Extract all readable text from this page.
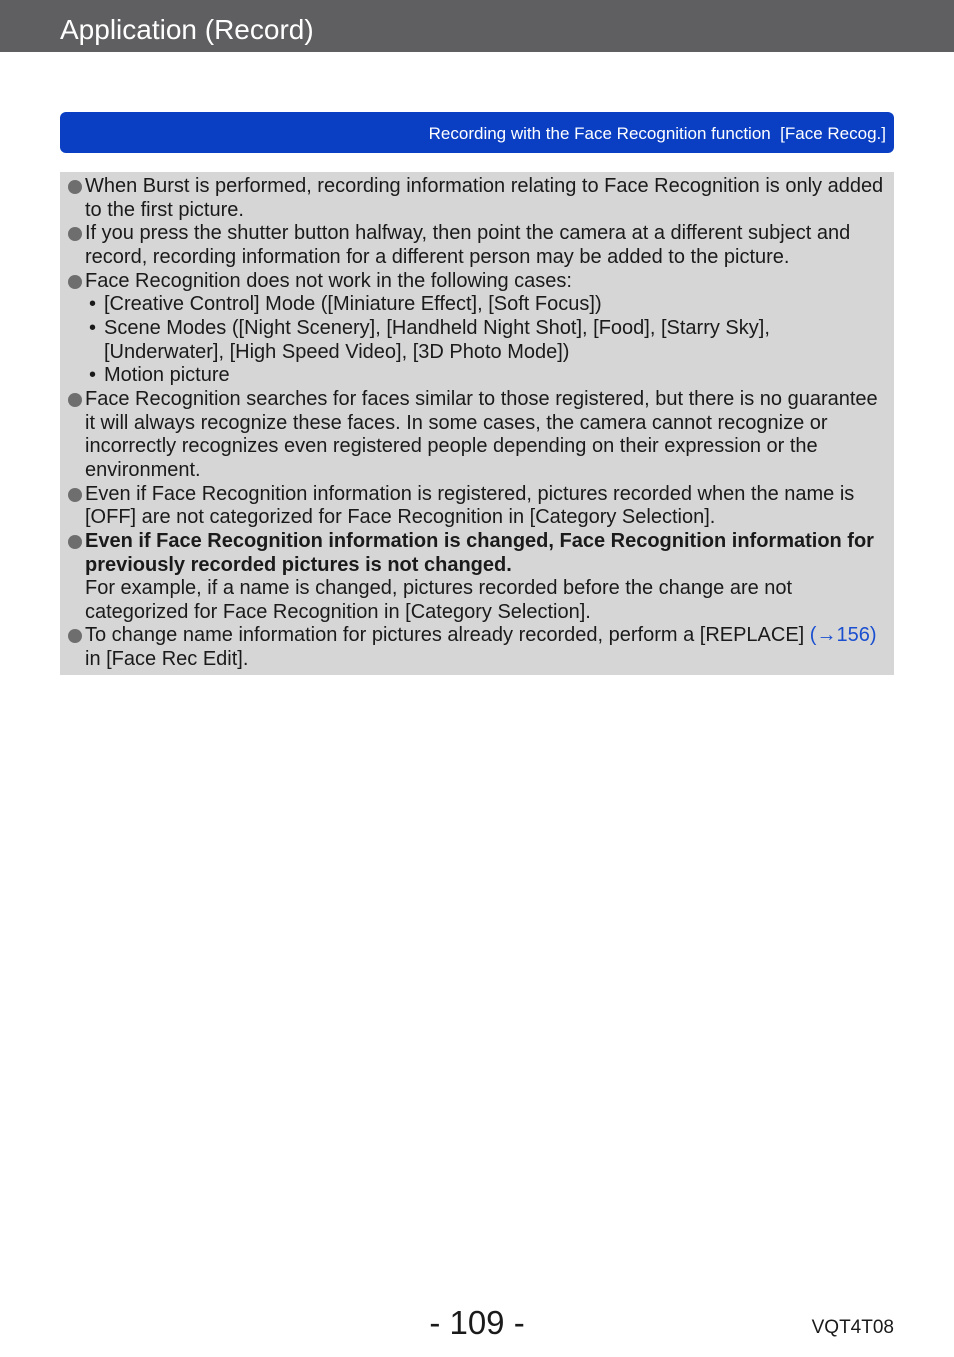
Application (Record)
Recording with the Face Recognition function  [Face Recog.]
When Burst is performed, recording information relating to Face Recognition is only added to the first picture.
If you press the shutter button halfway, then point the camera at a different subject and record, recording information for a different person may be added to the picture.
Face Recognition does not work in the following cases:
• [Creative Control] Mode ([Miniature Effect], [Soft Focus])
• Scene Modes ([Night Scenery], [Handheld Night Shot], [Food], [Starry Sky], [Underwater], [High Speed Video], [3D Photo Mode])
• Motion picture
Face Recognition searches for faces similar to those registered, but there is no guarantee it will always recognize these faces. In some cases, the camera cannot recognize or incorrectly recognizes even registered people depending on their expression or the environment.
Even if Face Recognition information is registered, pictures recorded when the name is [OFF] are not categorized for Face Recognition in [Category Selection].
Even if Face Recognition information is changed, Face Recognition information for previously recorded pictures is not changed.
For example, if a name is changed, pictures recorded before the change are not categorized for Face Recognition in [Category Selection].
To change name information for pictures already recorded, perform a [REPLACE] (→156) in [Face Rec Edit].
- 109 -	VQT4T08
